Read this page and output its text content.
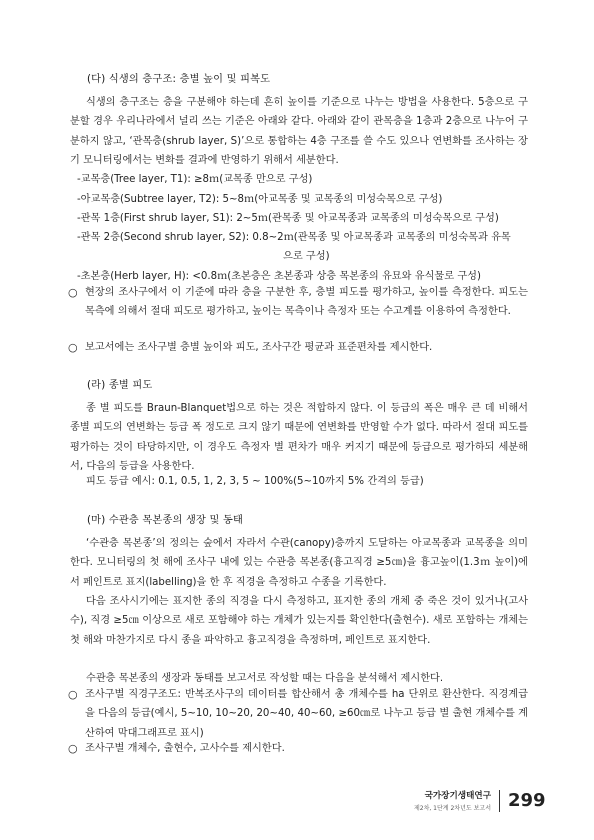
(다) 식생의 층구조: 층별 높이 및 피복도
식생의 층구조는 층을 구분해야 하는데 흔히 높이를 기준으로 나누는 방법을 사용한다. 5층으로 구분할 경우 우리나라에서 널리 쓰는 기준은 아래와 같다. 아래와 같이 관목층을 1층과 2층으로 나누어 구분하지 않고, ‘관목층(shrub layer, S)’으로 통합하는 4층 구조를 쓸 수도 있으나 연변화를 조사하는 장기 모니터링에서는 변화를 결과에 반영하기 위해서 세분한다.
-교목층(Tree layer, T1): ≥8ｍ(교목종 만으로 구성)
-아교목층(Subtree layer, T2): 5~8ｍ(아교목종 및 교목종의 미성숙목으로 구성)
-관목 1층(First shrub layer, S1): 2~5ｍ(관목종 및 아교목종과 교목종의 미성숙목으로 구성)
-관목 2층(Second shrub layer, S2): 0.8~2ｍ(관목종 및 아교목종과 교목종의 미성숙목과 유목
으로 구성)
-초본층(Herb layer, H): <0.8ｍ(초본층은 초본종과 상층 목본종의 유묘와 유식물로 구성)
○ 현장의 조사구에서 이 기준에 따라 층을 구분한 후, 층별 피도를 평가하고, 높이를 측정한다. 피도는 목측에 의해서 절대 피도로 평가하고, 높이는 목측이나 측정자 또는 수고계를 이용하여 측정한다.
○ 보고서에는 조사구별 층별 높이와 피도, 조사구간 평균과 표준편차를 제시한다.
(라) 종별 피도
종 별 피도를 Braun-Blanquet법으로 하는 것은 적합하지 않다. 이 등급의 폭은 매우 큰 데 비해서 종별 피도의 연변화는 등급 폭 정도로 크지 않기 때문에 연변화를 반영할 수가 없다. 따라서 절대 피도를 평가하는 것이 타당하지만, 이 경우도 측정자 별 편차가 매우 커지기 때문에 등급으로 평가하되 세분해서, 다음의 등급을 사용한다.
피도 등급 예시: 0.1, 0.5, 1, 2, 3, 5 ~ 100%(5~10까지 5% 간격의 등급)
(마) 수관층 목본종의 생장 및 동태
‘수관층 목본종’의 정의는 숲에서 자라서 수관(canopy)층까지 도달하는 아교목종과 교목종을 의미한다. 모니터링의 첫 해에 조사구 내에 있는 수관층 목본종(흉고직경 ≥5㎝)을 흉고높이(1.3ｍ 높이)에서 페인트로 표지(labelling)을 한 후 직경을 측정하고 수종을 기록한다.
다음 조사시기에는 표지한 종의 직경을 다시 측정하고, 표지한 종의 개체 중 죽은 것이 있거나(고사수), 직경 ≥5㎝ 이상으로 새로 포함해야 하는 개체가 있는지를 확인한다(출현수). 새로 포함하는 개체는 첫 해와 마찬가지로 다시 종을 파악하고 흉고직경을 측정하며, 페인트로 표지한다.
수관층 목본종의 생장과 동태를 보고서로 작성할 때는 다음을 분석해서 제시한다.
○ 조사구별 직경구조도: 반복조사구의 데이터를 합산해서 총 개체수를 ha 단위로 환산한다. 직경계급을 다음의 등급(예시, 5~10, 10~20, 20~40, 40~60, ≥60㎝로 나누고 등급 별 출현 개체수를 계산하여 막대그래프로 표시)
○ 조사구별 개체수, 출현수, 고사수를 제시한다.
국가장기생태연구
제2차, 1단계 2차년도 보고서 299
